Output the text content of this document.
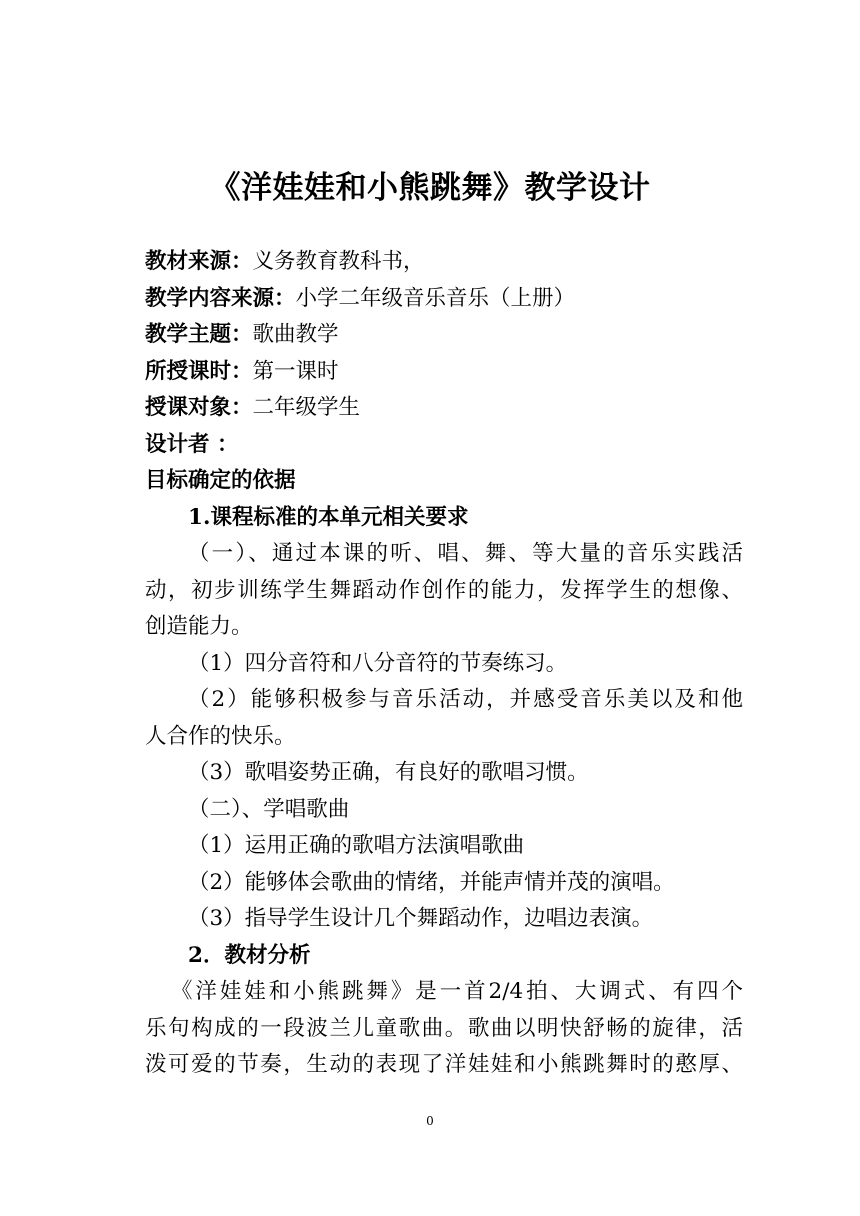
《洋娃娃和小熊跳舞》教学设计
教材来源：义务教育教科书，
教学内容来源：小学二年级音乐音乐（上册）
教学主题：歌曲教学
所授课时：第一课时
授课对象：二年级学生
设计者 ：
目标确定的依据
1.课程标准的本单元相关要求
（一）、通过本课的听、唱、舞、等大量的音乐实践活
动，初步训练学生舞蹈动作创作的能力，发挥学生的想像、
创造能力。
（1）四分音符和八分音符的节奏练习。
（2）能够积极参与音乐活动，并感受音乐美以及和他
人合作的快乐。
（3）歌唱姿势正确，有良好的歌唱习惯。
（二）、学唱歌曲
（1）运用正确的歌唱方法演唱歌曲
（2）能够体会歌曲的情绪，并能声情并茂的演唱。
（3）指导学生设计几个舞蹈动作，边唱边表演。
2．教材分析
《洋娃娃和小熊跳舞》是一首2/4拍、大调式、有四个
乐句构成的一段波兰儿童歌曲。歌曲以明快舒畅的旋律，活
泼可爱的节奏，生动的表现了洋娃娃和小熊跳舞时的憨厚、
0
